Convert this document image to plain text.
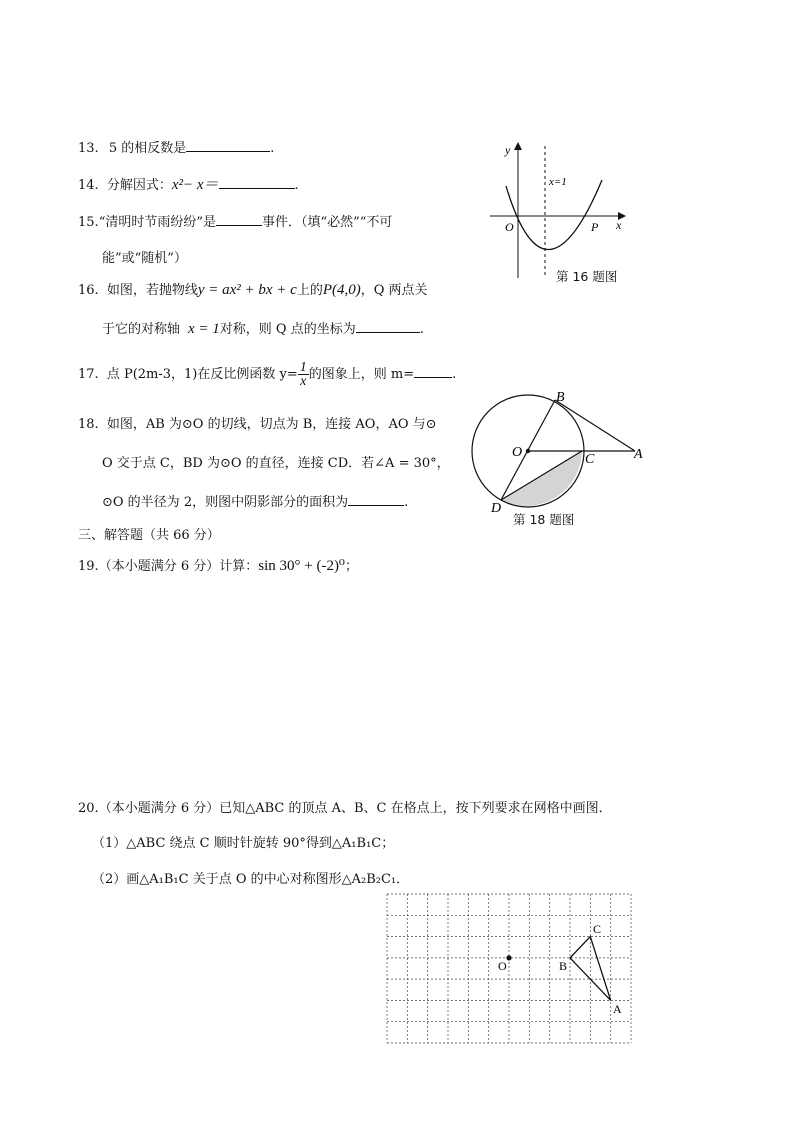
13. 5 的相反数是	.
14. 分解因式：x²− x＝	.
15.“清明时节雨纷纷”是	事件．（填“必然”“不可
能”或“随机”）
16. 如图，若抛物线y = ax² + bx + c上的P(4,0)，Q 两点关
于它的对称轴 x = 1对称，则 Q 点的坐标为	.
17. 点 P(2m-3，1)在反比例函数 $y= \frac{1}{x}$ 的图象上，则 m=	.
18. 如图，AB 为⊙O 的切线，切点为 B，连接 AO，AO 与⊙
O 交于点 C，BD 为⊙O 的直径，连接 CD．若∠A = 30°，
⊙O 的半径为 2，则图中阴影部分的面积为	.
三、解答题（共 66 分）
19.（本小题满分 6 分）计算：sin 30° + (-2)⁰；
20.（本小题满分 6 分）已知△ABC 的顶点 A、B、C 在格点上，按下列要求在网格中画图．
（1）△ABC 绕点 C 顺时针旋转 90°得到△A₁B₁C；
（2）画△A₁B₁C 关于点 O 的中心对称图形△A₂B₂C₁．
y
x
O	P
x=1
第 16 题图
B
O	C	A
D
第 18 题图
C
B
O
A
